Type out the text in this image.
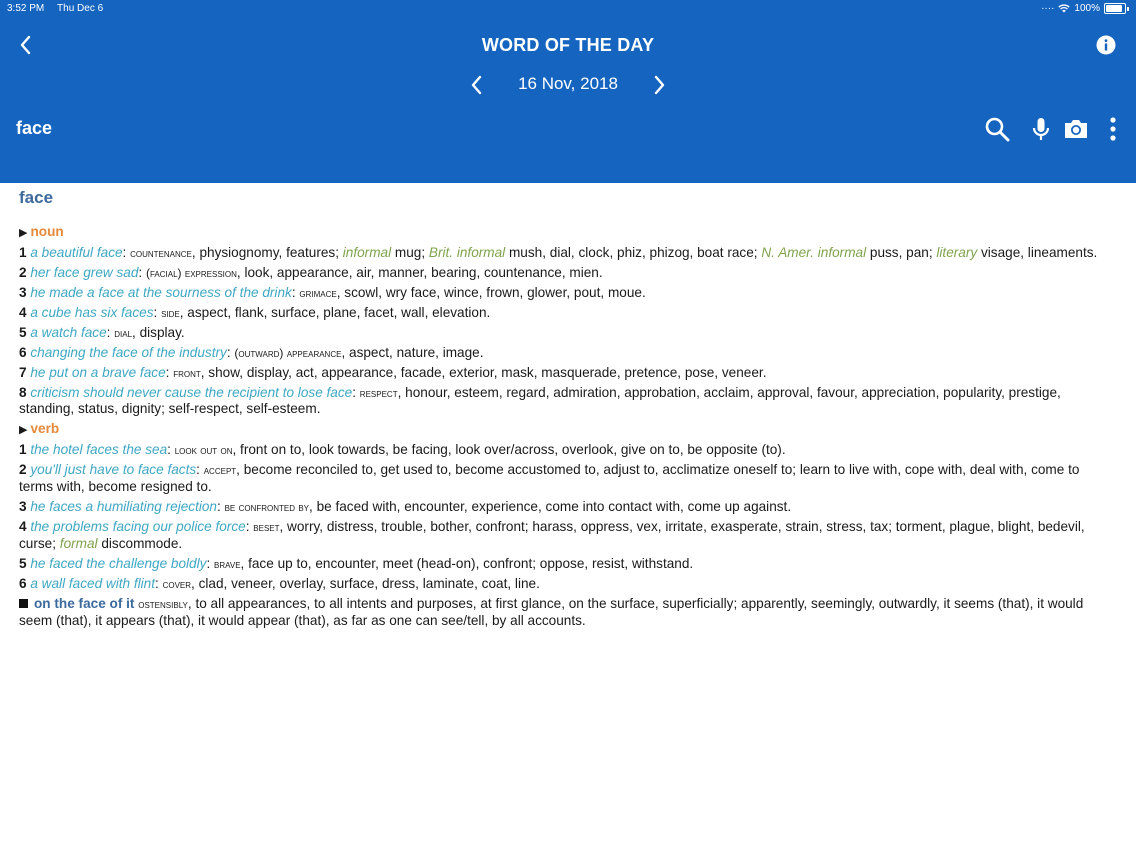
3:52 PM Thu Dec 6	···· 100%
WORD OF THE DAY
16 Nov, 2018
face
face
▶ noun
1 a beautiful face: countenance, physiognomy, features; informal mug; Brit. informal mush, dial, clock, phiz, phizog, boat race; N. Amer. informal puss, pan; literary visage, lineaments.
2 her face grew sad: (facial) expression, look, appearance, air, manner, bearing, countenance, mien.
3 he made a face at the sourness of the drink: grimace, scowl, wry face, wince, frown, glower, pout, moue.
4 a cube has six faces: side, aspect, flank, surface, plane, facet, wall, elevation.
5 a watch face: dial, display.
6 changing the face of the industry: (outward) appearance, aspect, nature, image.
7 he put on a brave face: front, show, display, act, appearance, facade, exterior, mask, masquerade, pretence, pose, veneer.
8 criticism should never cause the recipient to lose face: respect, honour, esteem, regard, admiration, approbation, acclaim, approval, favour, appreciation, popularity, prestige, standing, status, dignity; self-respect, self-esteem.
▶ verb
1 the hotel faces the sea: look out on, front on to, look towards, be facing, look over/across, overlook, give on to, be opposite (to).
2 you'll just have to face facts: accept, become reconciled to, get used to, become accustomed to, adjust to, acclimatize oneself to; learn to live with, cope with, deal with, come to terms with, become resigned to.
3 he faces a humiliating rejection: be confronted by, be faced with, encounter, experience, come into contact with, come up against.
4 the problems facing our police force: beset, worry, distress, trouble, bother, confront; harass, oppress, vex, irritate, exasperate, strain, stress, tax; torment, plague, blight, bedevil, curse; formal discommode.
5 he faced the challenge boldly: brave, face up to, encounter, meet (head-on), confront; oppose, resist, withstand.
6 a wall faced with flint: cover, clad, veneer, overlay, surface, dress, laminate, coat, line.
on the face of it ostensibly, to all appearances, to all intents and purposes, at first glance, on the surface, superficially; apparently, seemingly, outwardly, it seems (that), it would seem (that), it appears (that), it would appear (that), as far as one can see/tell, by all accounts.
